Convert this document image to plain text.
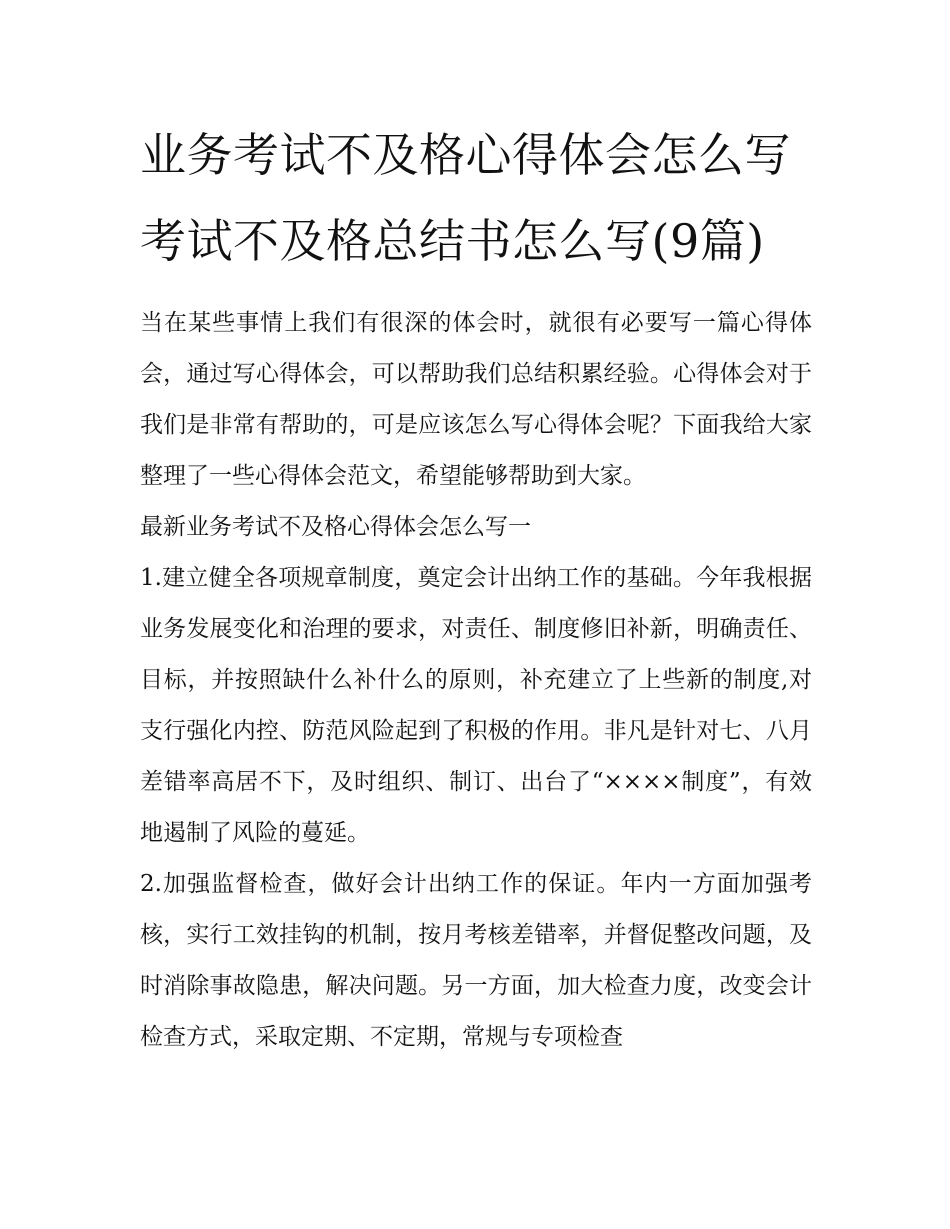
业务考试不及格心得体会怎么写 考试不及格总结书怎么写(9篇)

当在某些事情上我们有很深的体会时，就很有必要写一篇心得体会，通过写心得体会，可以帮助我们总结积累经验。心得体会对于我们是非常有帮助的，可是应该怎么写心得体会呢？下面我给大家整理了一些心得体会范文，希望能够帮助到大家。

最新业务考试不及格心得体会怎么写一

1.建立健全各项规章制度，奠定会计出纳工作的基础。今年我根据业务发展变化和治理的要求，对责任、制度修旧补新，明确责任、目标，并按照缺什么补什么的原则，补充建立了上些新的制度,对支行强化内控、防范风险起到了积极的作用。非凡是针对七、八月差错率高居不下，及时组织、制订、出台了“××××制度”，有效地遏制了风险的蔓延。

2.加强监督检查，做好会计出纳工作的保证。年内一方面加强考核，实行工效挂钩的机制，按月考核差错率，并督促整改问题，及时消除事故隐患，解决问题。另一方面，加大检查力度，改变会计检查方式，采取定期、不定期，常规与专项检查
